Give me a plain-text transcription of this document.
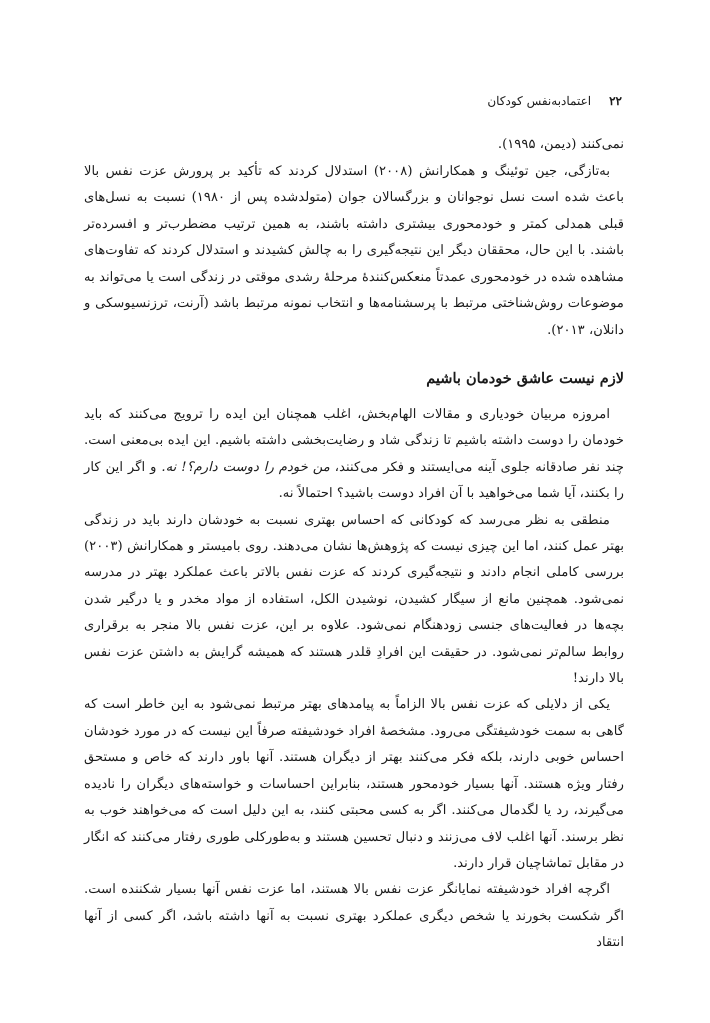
۲۲
اعتمادبه‌نفس کودکان

نمی‌کنند (دیمن، ۱۹۹۵).

به‌تازگی، جین توئینگ و همکارانش (۲۰۰۸) استدلال کردند که تأکید بر پرورش عزت نفس بالا باعث شده است نسل نوجوانان و بزرگسالان جوان (متولدشده پس از ۱۹۸۰) نسبت به نسل‌های قبلی همدلی کمتر و خودمحوری بیشتری داشته باشند، به همین ترتیب مضطرب‌تر و افسرده‌تر باشند. با این حال، محققان دیگر این نتیجه‌گیری را به چالش کشیدند و استدلال کردند که تفاوت‌های مشاهده شده در خودمحوری عمدتاً منعکس‌کنندهٔ مرحلهٔ رشدی موقتی در زندگی است یا می‌تواند به موضوعات روش‌شناختی مرتبط با پرسشنامه‌ها و انتخاب نمونه مرتبط باشد (آرنت، ترزنسیوسکی و دانلان، ۲۰۱۳).

لازم نیست عاشق خودمان باشیم

امروزه مربیان خودیاری و مقالات الهام‌بخش، اغلب همچنان این ایده را ترویج می‌کنند که باید خودمان را دوست داشته باشیم تا زندگی شاد و رضایت‌بخشی داشته باشیم. این ایده بی‌معنی است. چند نفر صادقانه جلوی آینه می‌ایستند و فکر می‌کنند، من خودم را دوست دارم؟! نه. و اگر این کار را بکنند، آیا شما می‌خواهید با آن افراد دوست باشید؟ احتمالاً نه.

منطقی به نظر می‌رسد که کودکانی که احساس بهتری نسبت به خودشان دارند باید در زندگی بهتر عمل کنند، اما این چیزی نیست که پژوهش‌ها نشان می‌دهند. روی بامیستر و همکارانش (۲۰۰۳) بررسی کاملی انجام دادند و نتیجه‌گیری کردند که عزت نفس بالاتر باعث عملکرد بهتر در مدرسه نمی‌شود. همچنین مانع از سیگار کشیدن، نوشیدن الکل، استفاده از مواد مخدر و یا درگیر شدن بچه‌ها در فعالیت‌های جنسی زودهنگام نمی‌شود. علاوه بر این، عزت نفس بالا منجر به برقراری روابط سالم‌تر نمی‌شود. در حقیقت این افرادِ قلدر هستند که همیشه گرایش به داشتن عزت نفس بالا دارند!

یکی از دلایلی که عزت نفس بالا الزاماً به پیامدهای بهتر مرتبط نمی‌شود به این خاطر است که گاهی به سمت خودشیفتگی می‌رود. مشخصهٔ افراد خودشیفته صرفاً این نیست که در مورد خودشان احساس خوبی دارند، بلکه فکر می‌کنند بهتر از دیگران هستند. آنها باور دارند که خاص و مستحق رفتار ویژه هستند. آنها بسیار خودمحور هستند، بنابراین احساسات و خواسته‌های دیگران را نادیده می‌گیرند، رد یا لگدمال می‌کنند. اگر به کسی محبتی کنند، به این دلیل است که می‌خواهند خوب به نظر برسند. آنها اغلب لاف می‌زنند و دنبال تحسین هستند و به‌طورکلی طوری رفتار می‌کنند که انگار در مقابل تماشاچیان قرار دارند.

اگرچه افراد خودشیفته نمایانگر عزت نفس بالا هستند، اما عزت نفس آنها بسیار شکننده است. اگر شکست بخورند یا شخص دیگری عملکرد بهتری نسبت به آنها داشته باشد، اگر کسی از آنها انتقاد
